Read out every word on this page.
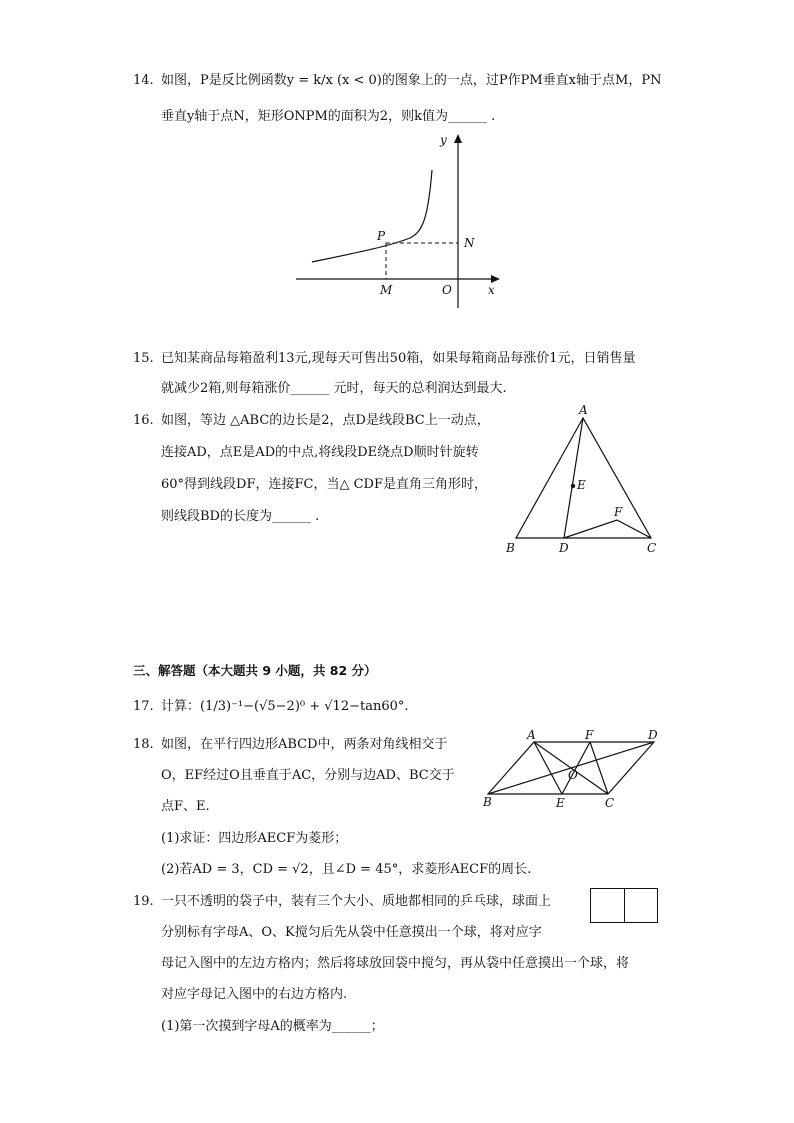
14. 如图，P是反比例函数y = k/x (x < 0)的图象上的一点，过P作PM垂直x轴于点M，PN
垂直y轴于点N，矩形ONPM的面积为2，则k值为______ .
y
x
O
P	N
M
15. 已知某商品每箱盈利13元,现每天可售出50箱，如果每箱商品每涨价1元，日销售量
就减少2箱,则每箱涨价______ 元时，每天的总利润达到最大.
16. 如图，等边 △ABC的边长是2，点D是线段BC上一动点，
连接AD，点E是AD的中点,将线段DE绕点D顺时针旋转
60°得到线段DF，连接FC，当△ CDF是直角三角形时，
则线段BD的长度为______ .
A
B	C
D
E
F
三、解答题（本大题共 9 小题，共 82 分）
17. 计算：(1/3)⁻¹−(√5−2)⁰ + √12−tan60°.
18. 如图，在平行四边形ABCD中，两条对角线相交于
O，EF经过O且垂直于AC，分别与边AD、BC交于
点F、E.
(1)求证：四边形AECF为菱形；
(2)若AD = 3，CD = √2，且∠D = 45°，求菱形AECF的周长.
A	F	D
O
B	E	C
19. 一只不透明的袋子中，装有三个大小、质地都相同的乒乓球，球面上
分别标有字母A、O、K搅匀后先从袋中任意摸出一个球，将对应字
母记入图中的左边方格内；然后将球放回袋中搅匀，再从袋中任意摸出一个球，将
对应字母记入图中的右边方格内.
(1)第一次摸到字母A的概率为______；
